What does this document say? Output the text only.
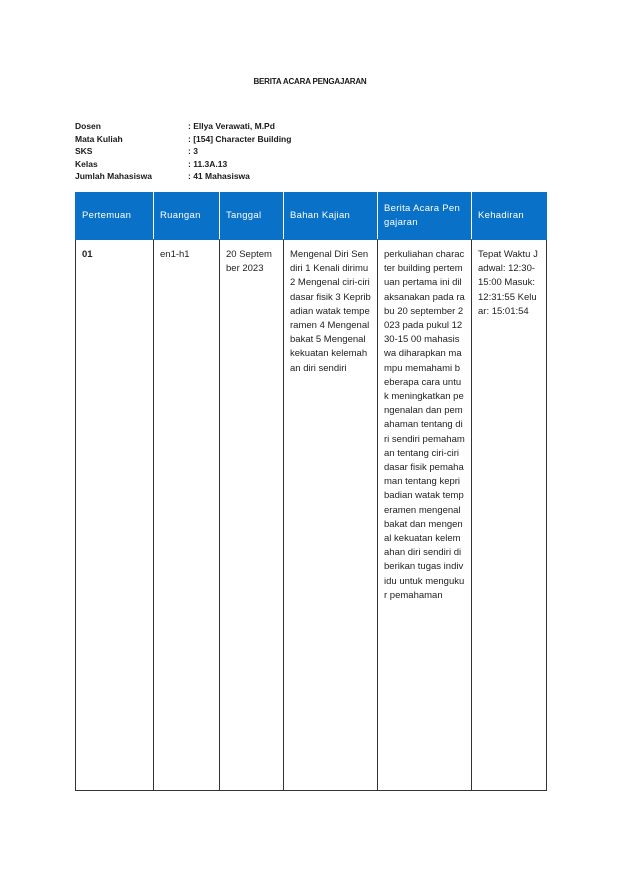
BERITA ACARA PENGAJARAN
Dosen	: Ellya Verawati, M.Pd
Mata Kuliah	: [154] Character Building
SKS	: 3
Kelas	: 11.3A.13
Jumlah Mahasiswa	: 41 Mahasiswa
Pertemuan	Ruangan	Tanggal	Bahan Kajian	Berita Acara Pengajaran	Kehadiran
01	en1-h1	20 September 2023	Mengenal Diri Sendiri 1 Kenali dirimu 2 Mengenal ciri-ciri dasar fisik 3 Kepribadian watak tempe ramen 4 Mengenal bakat 5 Mengenal kekuatan kelemahan diri sendiri	perkuliahan character building pertemuan pertama ini dilaksanakan pada rabu 20 september 2023 pada pukul 12 30-15 00 mahasiswa diharapkan mampu memahami beberapa cara untuk meningkatkan pengenalan dan pemahaman tentang diri sendiri pemahaman tentang ciri-ciri dasar fisik pemahaman tentang kepribadian watak temperamen mengenal bakat dan mengenal kekuatan kelemahan diri sendiri diberikan tugas individu untuk mengukur pemahaman	Tepat Waktu Jadwal: 12:30-15:00 Masuk: 12:31:55 Keluar: 15:01:54
